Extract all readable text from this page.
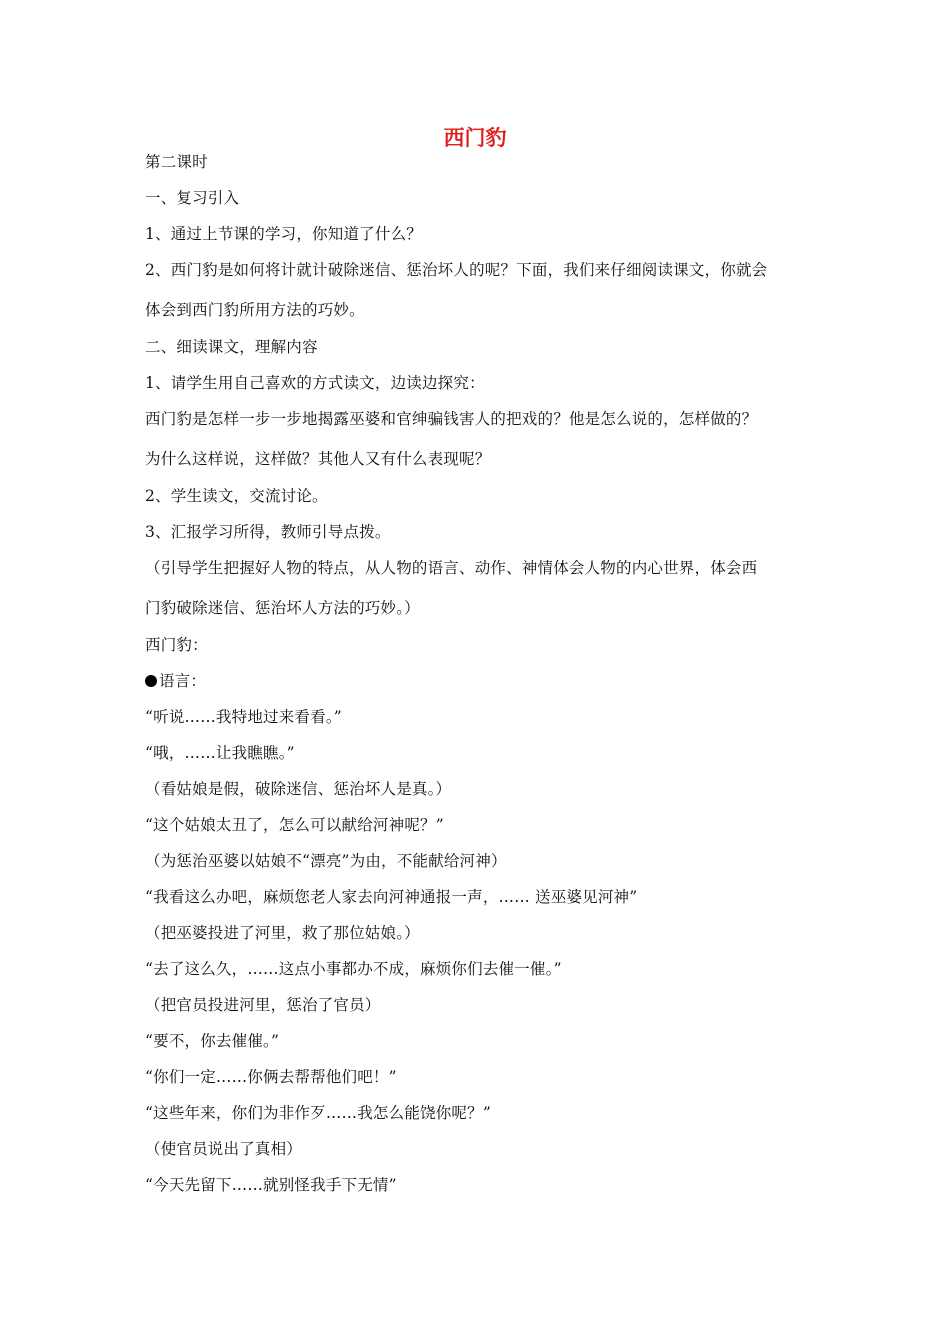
西门豹
第二课时
一、复习引入
1、通过上节课的学习，你知道了什么？
2、西门豹是如何将计就计破除迷信、惩治坏人的呢？下面，我们来仔细阅读课文，你就会
体会到西门豹所用方法的巧妙。
二、细读课文，理解内容
1、请学生用自己喜欢的方式读文，边读边探究：
西门豹是怎样一步一步地揭露巫婆和官绅骗钱害人的把戏的？他是怎么说的，怎样做的？
为什么这样说，这样做？其他人又有什么表现呢？
2、学生读文，交流讨论。
3、汇报学习所得，教师引导点拨。
（引导学生把握好人物的特点，从人物的语言、动作、神情体会人物的内心世界，体会西
门豹破除迷信、惩治坏人方法的巧妙。）
西门豹：
语言：
“听说……我特地过来看看。”
“哦，……让我瞧瞧。”
（看姑娘是假，破除迷信、惩治坏人是真。）
“这个姑娘太丑了，怎么可以献给河神呢？”
（为惩治巫婆以姑娘不“漂亮”为由，不能献给河神）
“我看这么办吧，麻烦您老人家去向河神通报一声，…… 送巫婆见河神”
（把巫婆投进了河里，救了那位姑娘。）
“去了这么久，……这点小事都办不成，麻烦你们去催一催。”
（把官员投进河里，惩治了官员）
“要不，你去催催。”
“你们一定……你俩去帮帮他们吧！”
“这些年来，你们为非作歹……我怎么能饶你呢？”
（使官员说出了真相）
“今天先留下……就别怪我手下无情”
